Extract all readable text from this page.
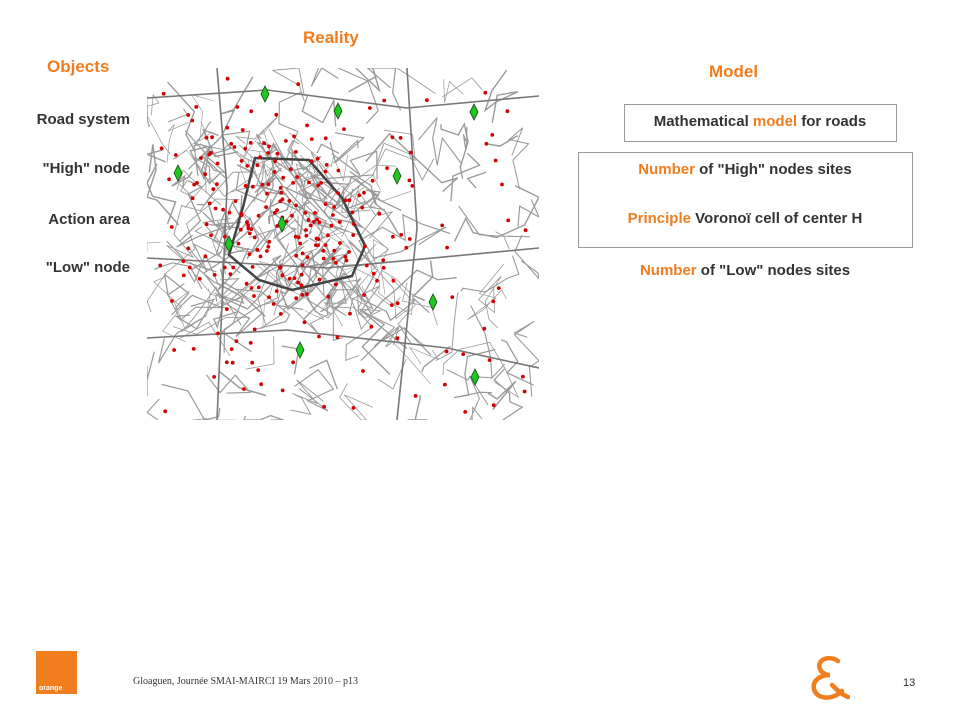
Reality
Objects	Model
Road system
"High" node
Action area
"Low" node
Mathematical model for roads
Number of "High" nodes sites
Principle Voronoï cell of center H
Number of "Low" nodes sites
orange
Gloaguen, Journée SMAI-MAIRCI 19 Mars 2010 – p13	13
